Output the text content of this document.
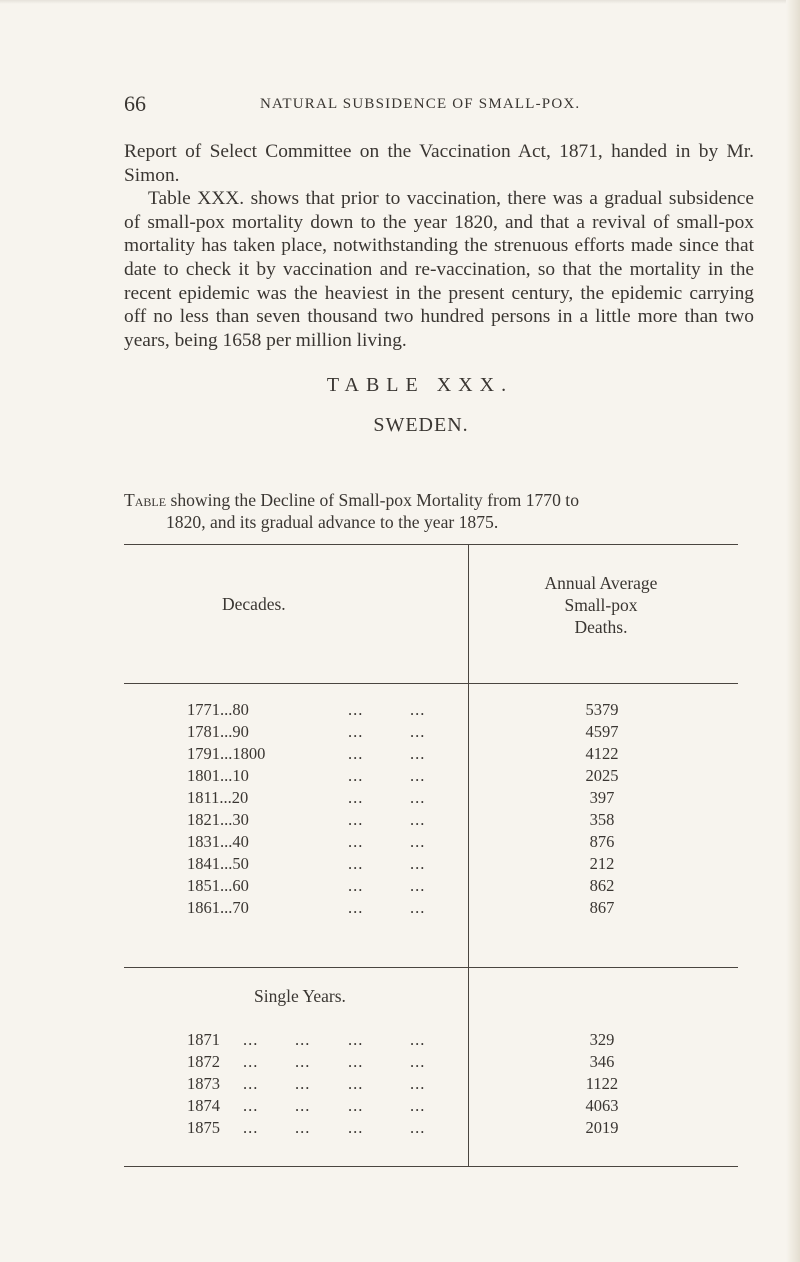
66	NATURAL SUBSIDENCE OF SMALL-POX.

Report of Select Committee on the Vaccination Act, 1871, handed in by Mr. Simon.

Table XXX. shows that prior to vaccination, there was a gradual subsidence of small-pox mortality down to the year 1820, and that a revival of small-pox mortality has taken place, notwithstanding the strenuous efforts made since that date to check it by vaccination and re-vaccination, so that the mortality in the recent epidemic was the heaviest in the present century, the epidemic carrying off no less than seven thousand two hundred persons in a little more than two years, being 1658 per million living.

TABLE XXX.
SWEDEN.
Table showing the Decline of Small-pox Mortality from 1770 to
1820, and its gradual advance to the year 1875.
Decades.
Annual Average
Small-pox
Deaths.
1771...80	...	...	5379
1781...90	...	...	4597
1791...1800	...	...	4122
1801...10	...	...	2025
1811...20	...	...	397
1821...30	...	...	358
1831...40	...	...	876
1841...50	...	...	212
1851...60	...	...	862
1861...70	...	...	867
Single Years.
1871 ... ... ...	...	329
1872 ... ... ...	...	346
1873 ... ... ...	...	1122
1874 ... ... ...	...	4063
1875 ... ... ...	...	2019
